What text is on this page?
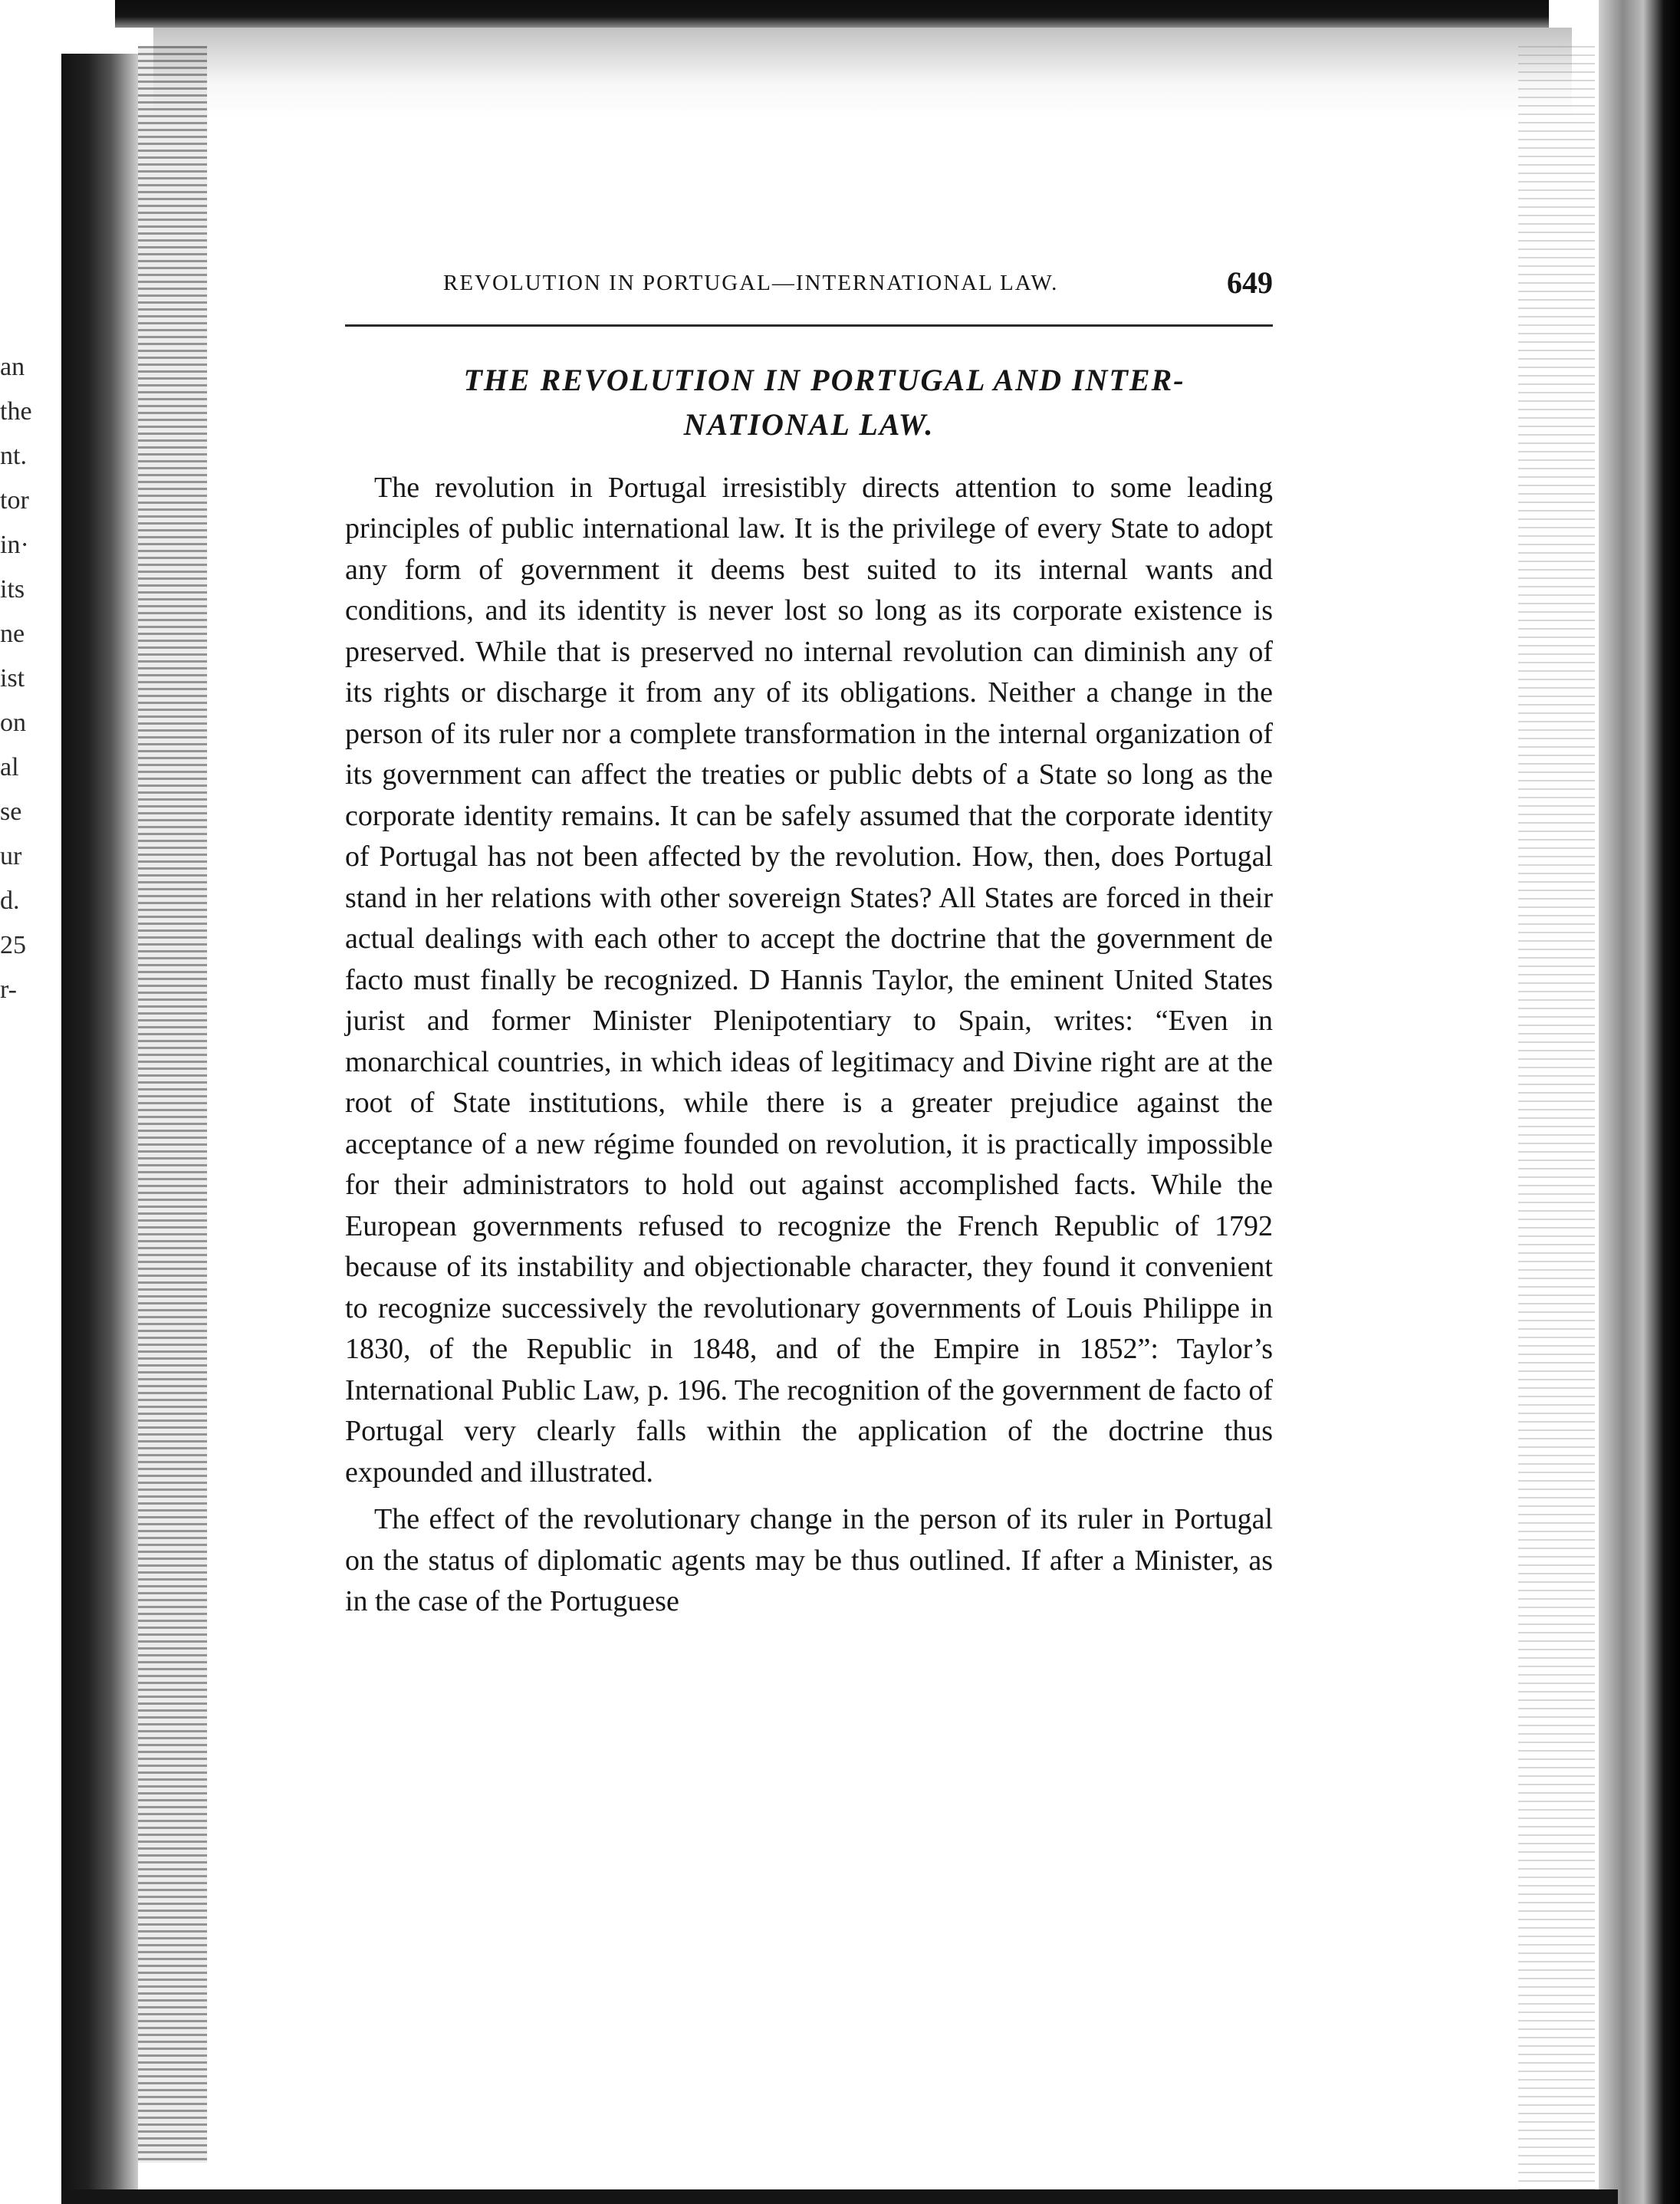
an
the
nt.
tor
in·
its
ne
ist
on
al
se
ur
d.
25
r-
REVOLUTION IN PORTUGAL—INTERNATIONAL LAW.	649
THE REVOLUTION IN PORTUGAL AND INTER-
NATIONAL LAW.

The revolution in Portugal irresistibly directs attention to some leading principles of public international law. It is the privilege of every State to adopt any form of government it deems best suited to its internal wants and conditions, and its identity is never lost so long as its corporate existence is preserved. While that is preserved no internal revolution can diminish any of its rights or discharge it from any of its obligations. Neither a change in the person of its ruler nor a complete transformation in the internal organization of its government can affect the treaties or public debts of a State so long as the corporate identity remains. It can be safely assumed that the corporate identity of Portugal has not been affected by the revolution. How, then, does Portugal stand in her relations with other sovereign States? All States are forced in their actual dealings with each other to accept the doctrine that the government de facto must finally be recognized. D Hannis Taylor, the eminent United States jurist and former Minister Plenipotentiary to Spain, writes: “Even in monarchical countries, in which ideas of legitimacy and Divine right are at the root of State institutions, while there is a greater prejudice against the acceptance of a new régime founded on revolution, it is practically impossible for their administrators to hold out against accomplished facts. While the European governments refused to recognize the French Republic of 1792 because of its instability and objectionable character, they found it convenient to recognize successively the revolutionary governments of Louis Philippe in 1830, of the Republic in 1848, and of the Empire in 1852”: Taylor’s International Public Law, p. 196. The recognition of the government de facto of Portugal very clearly falls within the application of the doctrine thus expounded and illustrated.

The effect of the revolutionary change in the person of its ruler in Portugal on the status of diplomatic agents may be thus outlined. If after a Minister, as in the case of the Portuguese
